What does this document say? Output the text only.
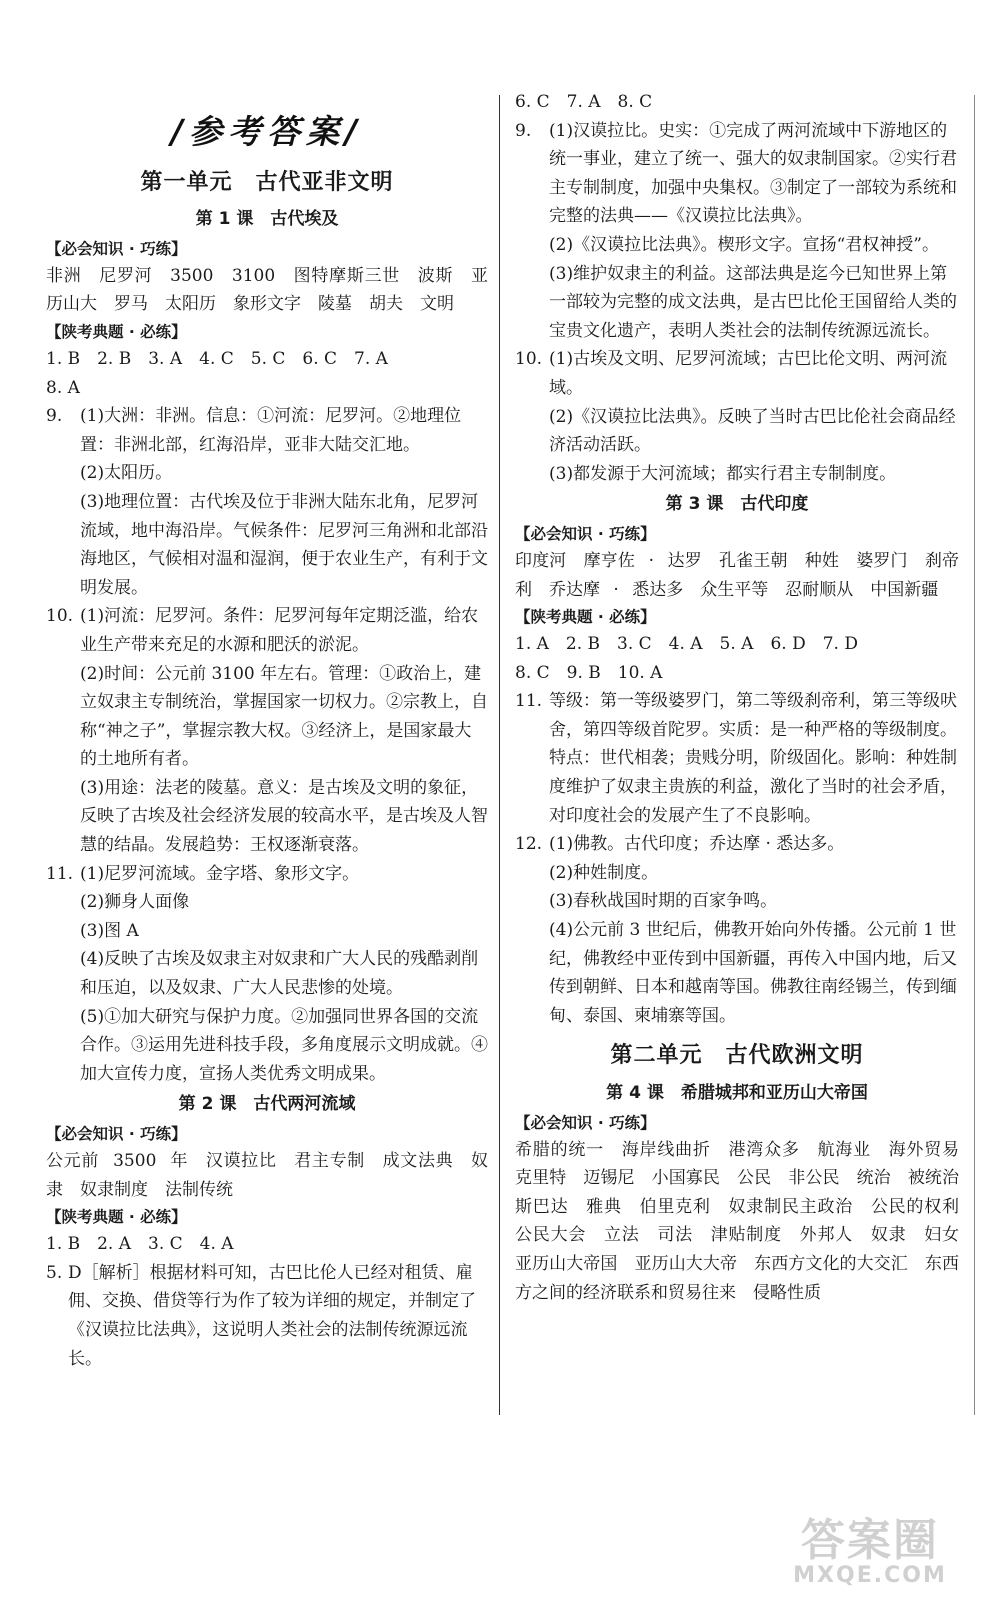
/参考答案/
第一单元　古代亚非文明
第 1 课　古代埃及
【必会知识 · 巧练】

非洲　尼罗河　3500　3100　图特摩斯三世　波斯　亚历山大　罗马　太阳历　象形文字　陵墓　胡夫　文明

【陕考典题 · 必练】

1. B　2. B　3. A　4. C　5. C　6. C　7. A

8. A

9.	(1)大洲：非洲。信息：①河流：尼罗河。②地理位置：非洲北部，红海沿岸，亚非大陆交汇地。

(2)太阳历。

(3)地理位置：古代埃及位于非洲大陆东北角，尼罗河流域，地中海沿岸。气候条件：尼罗河三角洲和北部沿海地区，气候相对温和湿润，便于农业生产，有利于文明发展。

10. (1)河流：尼罗河。条件：尼罗河每年定期泛滥，给农业生产带来充足的水源和肥沃的淤泥。

(2)时间：公元前 3100 年左右。管理：①政治上，建立奴隶主专制统治，掌握国家一切权力。②宗教上，自称“神之子”，掌握宗教大权。③经济上，是国家最大的土地所有者。

(3)用途：法老的陵墓。意义：是古埃及文明的象征，反映了古埃及社会经济发展的较高水平，是古埃及人智慧的结晶。发展趋势：王权逐渐衰落。

11. (1)尼罗河流域。金字塔、象形文字。

(2)狮身人面像

(3)图 A

(4)反映了古埃及奴隶主对奴隶和广大人民的残酷剥削和压迫，以及奴隶、广大人民悲惨的处境。

(5)①加大研究与保护力度。②加强同世界各国的交流合作。③运用先进科技手段，多角度展示文明成就。④加大宣传力度，宣扬人类优秀文明成果。

第 2 课　古代两河流域
【必会知识 · 巧练】

公元前 3500 年　汉谟拉比　君主专制　成文法典　奴隶　奴隶制度　法制传统

【陕考典题 · 必练】

1. B　2. A　3. C　4. A

5. D［解析］根据材料可知，古巴比伦人已经对租赁、雇佣、交换、借贷等行为作了较为详细的规定，并制定了《汉谟拉比法典》，这说明人类社会的法制传统源远流长。

6. C　7. A　8. C

9.	(1)汉谟拉比。史实：①完成了两河流域中下游地区的统一事业，建立了统一、强大的奴隶制国家。②实行君主专制制度，加强中央集权。③制定了一部较为系统和完整的法典——《汉谟拉比法典》。

(2)《汉谟拉比法典》。楔形文字。宣扬“君权神授”。

(3)维护奴隶主的利益。这部法典是迄今已知世界上第一部较为完整的成文法典，是古巴比伦王国留给人类的宝贵文化遗产，表明人类社会的法制传统源远流长。

10. (1)古埃及文明、尼罗河流域；古巴比伦文明、两河流域。

(2)《汉谟拉比法典》。反映了当时古巴比伦社会商品经济活动活跃。

(3)都发源于大河流域；都实行君主专制制度。

第 3 课　古代印度
【必会知识 · 巧练】

印度河　摩亨佐 · 达罗　孔雀王朝　种姓　婆罗门　刹帝利　乔达摩 · 悉达多　众生平等　忍耐顺从　中国新疆

【陕考典题 · 必练】

1. A　2. B　3. C　4. A　5. A　6. D　7. D

8. C　9. B　10. A

11. 等级：第一等级婆罗门，第二等级刹帝利，第三等级吠舍，第四等级首陀罗。实质：是一种严格的等级制度。特点：世代相袭；贵贱分明，阶级固化。影响：种姓制度维护了奴隶主贵族的利益，激化了当时的社会矛盾，对印度社会的发展产生了不良影响。

12. (1)佛教。古代印度；乔达摩 · 悉达多。

(2)种姓制度。

(3)春秋战国时期的百家争鸣。

(4)公元前 3 世纪后，佛教开始向外传播。公元前 1 世纪，佛教经中亚传到中国新疆，再传入中国内地，后又传到朝鲜、日本和越南等国。佛教往南经锡兰，传到缅甸、泰国、柬埔寨等国。

第二单元　古代欧洲文明
第 4 课　希腊城邦和亚历山大帝国
【必会知识 · 巧练】

希腊的统一　海岸线曲折　港湾众多　航海业　海外贸易　克里特　迈锡尼　小国寡民　公民　非公民　统治　被统治　斯巴达　雅典　伯里克利　奴隶制民主政治　公民的权利　公民大会　立法　司法　津贴制度　外邦人　奴隶　妇女　亚历山大帝国　亚历山大大帝　东西方文化的大交汇　东西方之间的经济联系和贸易往来　侵略性质

答案圈
MXQE.COM
